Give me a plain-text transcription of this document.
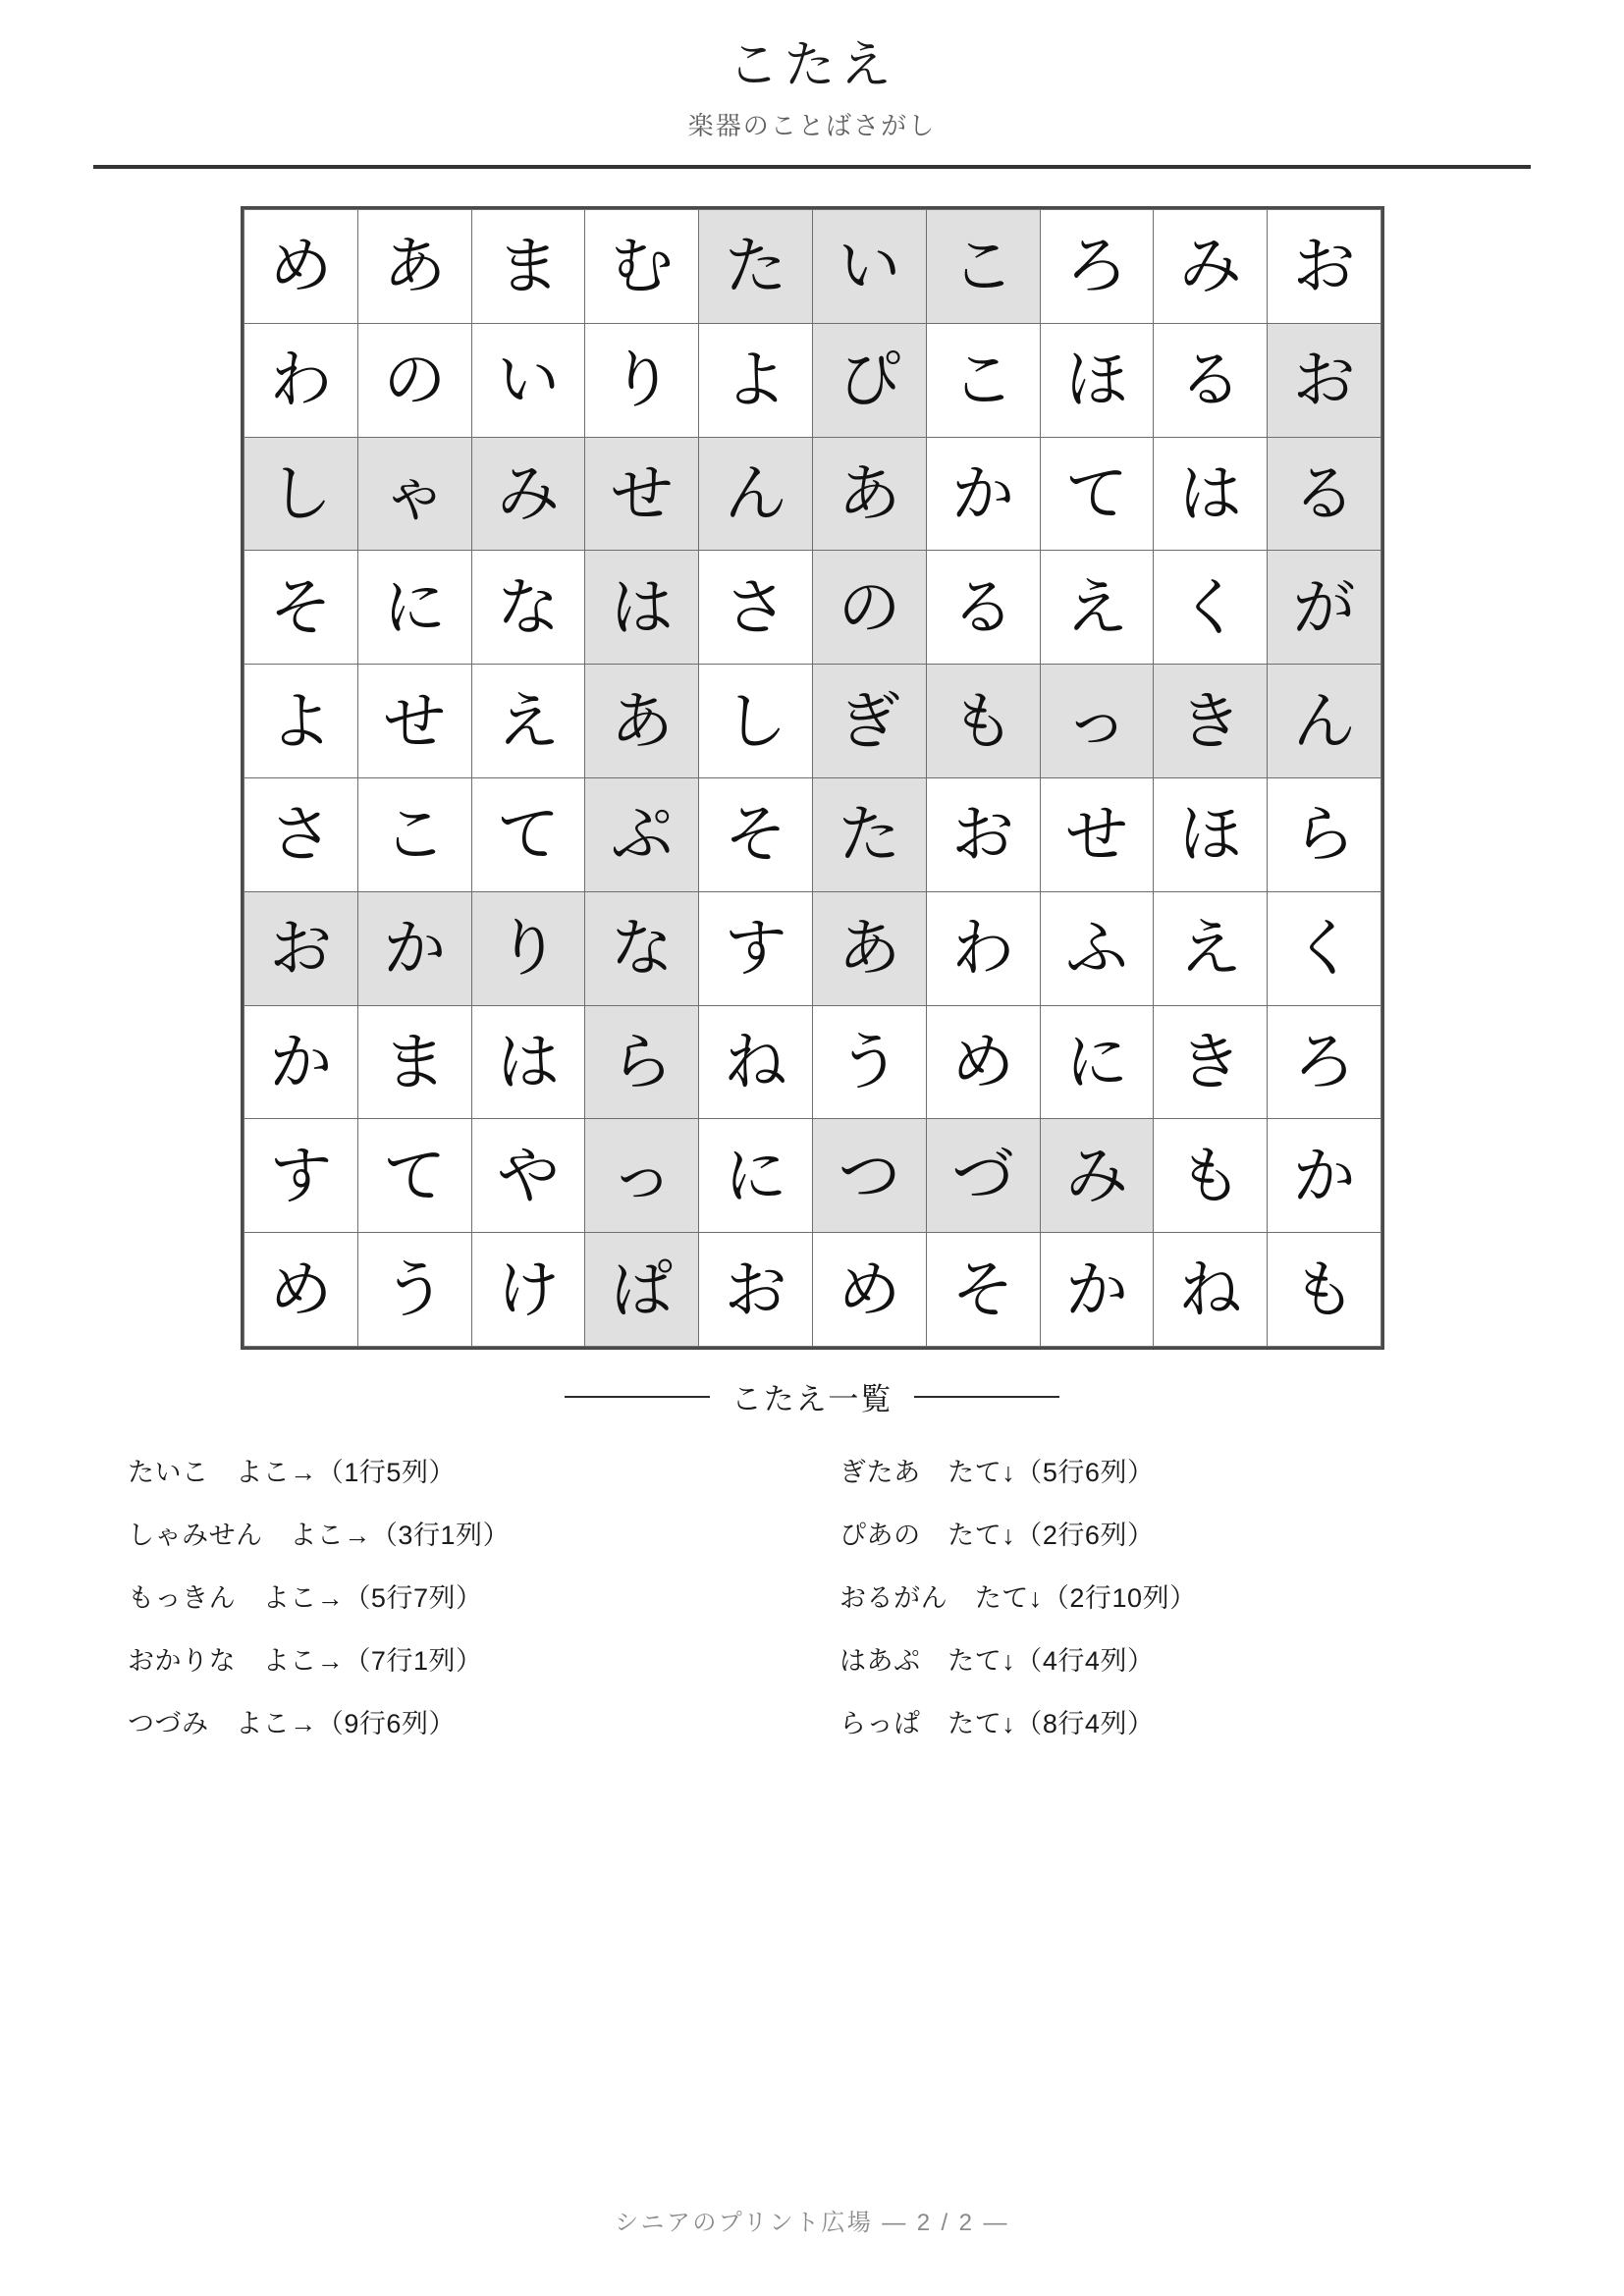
こたえ
楽器のことばさがし
め	あ	ま	む	た	い	こ	ろ	み	お
わ	の	い	り	よ	ぴ	こ	ほ	る	お
し	ゃ	み	せ	ん	あ	か	て	は	る
そ	に	な	は	さ	の	る	え	く	が
よ	せ	え	あ	し	ぎ	も	っ	き	ん
さ	こ	て	ぷ	そ	た	お	せ	ほ	ら
お	か	り	な	す	あ	わ	ふ	え	く
か	ま	は	ら	ね	う	め	に	き	ろ
す	て	や	っ	に	つ	づ	み	も	か
め	う	け	ぱ	お	め	そ	か	ね	も
こたえ一覧
たいこ　よこ→（1行5列）
しゃみせん　よこ→（3行1列）
もっきん　よこ→（5行7列）
おかりな　よこ→（7行1列）
つづみ　よこ→（9行6列）
ぎたあ　たて↓（5行6列）
ぴあの　たて↓（2行6列）
おるがん　たて↓（2行10列）
はあぷ　たて↓（4行4列）
らっぱ　たて↓（8行4列）
シニアのプリント広場 ― 2 / 2 ―
